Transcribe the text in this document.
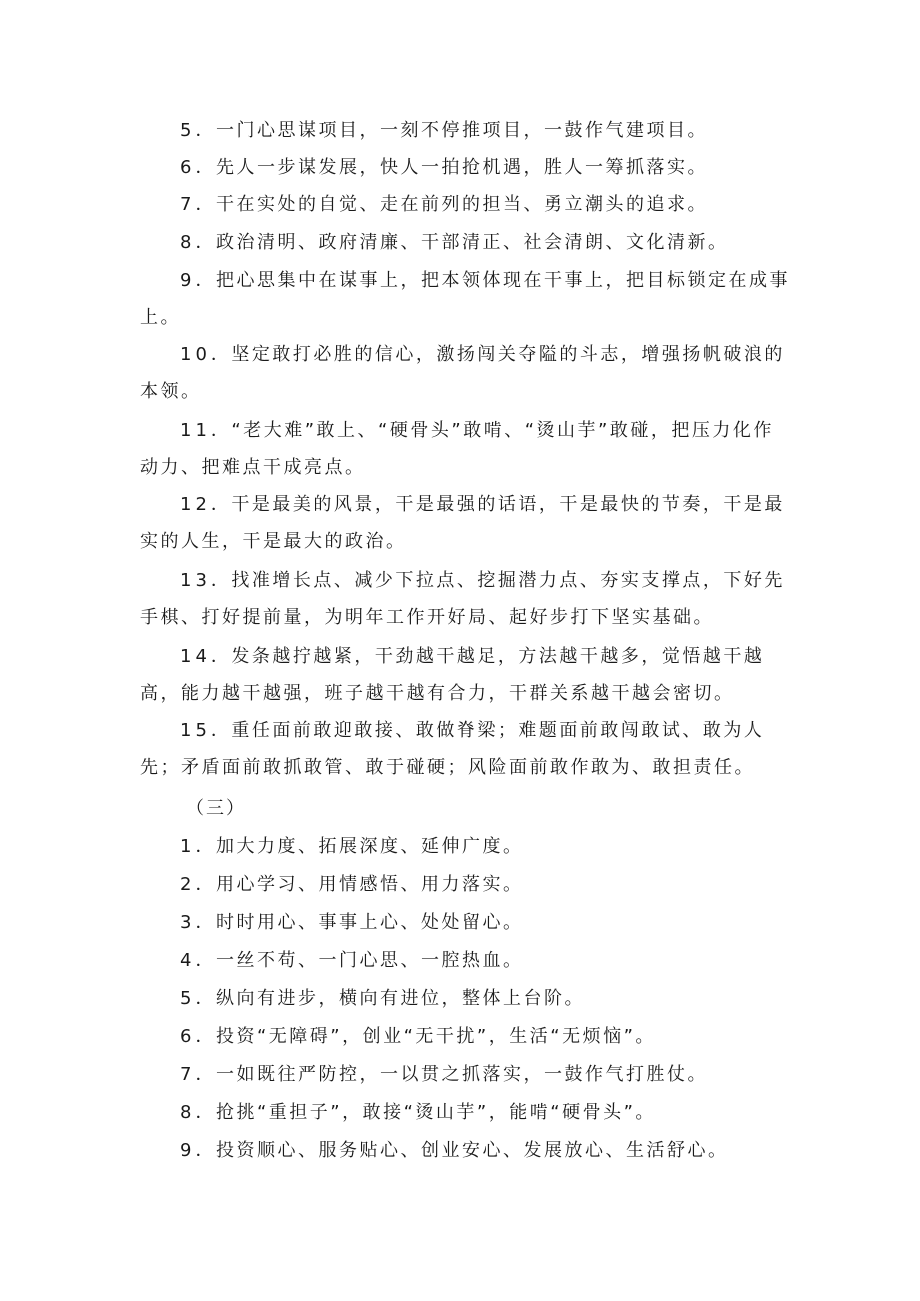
5．一门心思谋项目，一刻不停推项目，一鼓作气建项目。

6．先人一步谋发展，快人一拍抢机遇，胜人一筹抓落实。

7．干在实处的自觉、走在前列的担当、勇立潮头的追求。

8．政治清明、政府清廉、干部清正、社会清朗、文化清新。

9．把心思集中在谋事上，把本领体现在干事上，把目标锁定在成事上。

10．坚定敢打必胜的信心，激扬闯关夺隘的斗志，增强扬帆破浪的本领。

11．“老大难”敢上、“硬骨头”敢啃、“烫山芋”敢碰，把压力化作动力、把难点干成亮点。

12．干是最美的风景，干是最强的话语，干是最快的节奏，干是最实的人生，干是最大的政治。

13．找准增长点、减少下拉点、挖掘潜力点、夯实支撑点，下好先手棋、打好提前量，为明年工作开好局、起好步打下坚实基础。

14．发条越拧越紧，干劲越干越足，方法越干越多，觉悟越干越高，能力越干越强，班子越干越有合力，干群关系越干越会密切。

15．重任面前敢迎敢接、敢做脊梁；难题面前敢闯敢试、敢为人先；矛盾面前敢抓敢管、敢于碰硬；风险面前敢作敢为、敢担责任。

（三）

1．加大力度、拓展深度、延伸广度。

2．用心学习、用情感悟、用力落实。

3．时时用心、事事上心、处处留心。

4．一丝不苟、一门心思、一腔热血。

5．纵向有进步，横向有进位，整体上台阶。

6．投资“无障碍”，创业“无干扰”，生活“无烦恼”。

7．一如既往严防控，一以贯之抓落实，一鼓作气打胜仗。

8．抢挑“重担子”，敢接“烫山芋”，能啃“硬骨头”。

9．投资顺心、服务贴心、创业安心、发展放心、生活舒心。
